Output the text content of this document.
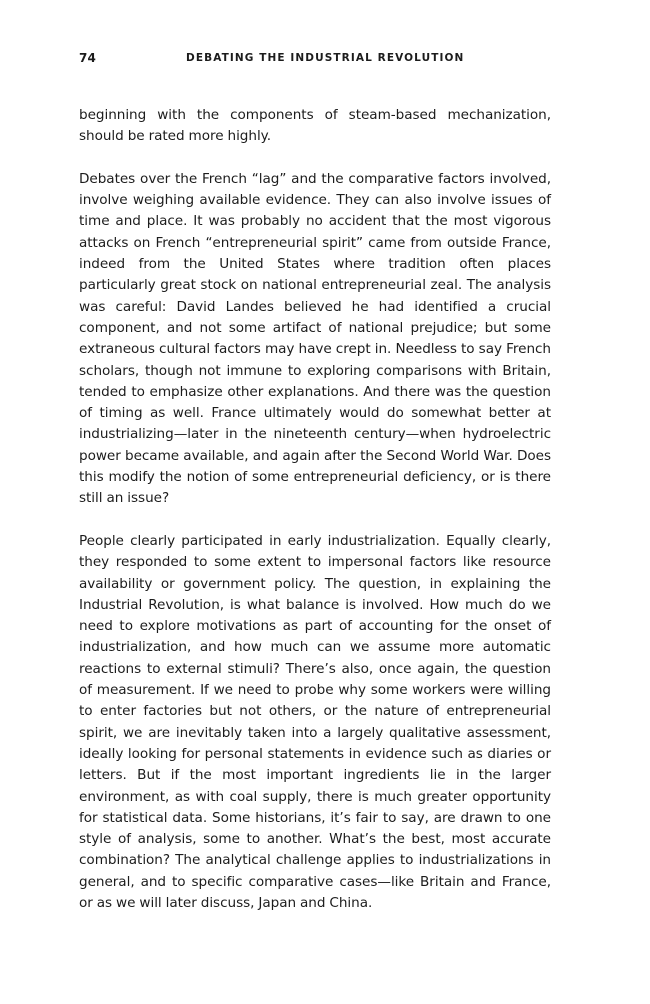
74	DEBATING THE INDUSTRIAL REVOLUTION

beginning with the components of steam-based mechanization, should be rated more highly.

Debates over the French “lag” and the comparative factors involved, involve weighing available evidence. They can also involve issues of time and place. It was probably no accident that the most vigorous attacks on French “entrepreneurial spirit” came from outside France, indeed from the United States where tradition often places particularly great stock on national entrepreneurial zeal. The analysis was careful: David Landes believed he had identified a crucial component, and not some artifact of national prejudice; but some extraneous cultural factors may have crept in. Needless to say French scholars, though not immune to exploring comparisons with Britain, tended to emphasize other explanations. And there was the question of timing as well. France ultimately would do somewhat better at industrializing—later in the nineteenth century—when hydroelectric power became available, and again after the Second World War. Does this modify the notion of some entrepreneurial deficiency, or is there still an issue?

People clearly participated in early industrialization. Equally clearly, they responded to some extent to impersonal factors like resource availability or government policy. The question, in explaining the Industrial Revolution, is what balance is involved. How much do we need to explore motivations as part of accounting for the onset of industrialization, and how much can we assume more automatic reactions to external stimuli? There’s also, once again, the question of measurement. If we need to probe why some workers were willing to enter factories but not others, or the nature of entrepreneurial spirit, we are inevitably taken into a largely qualitative assessment, ideally looking for personal statements in evidence such as diaries or letters. But if the most important ingredients lie in the larger environment, as with coal supply, there is much greater opportunity for statistical data. Some historians, it’s fair to say, are drawn to one style of analysis, some to another. What’s the best, most accurate combination? The analytical challenge applies to industrializations in general, and to specific comparative cases—like Britain and France, or as we will later discuss, Japan and China.
